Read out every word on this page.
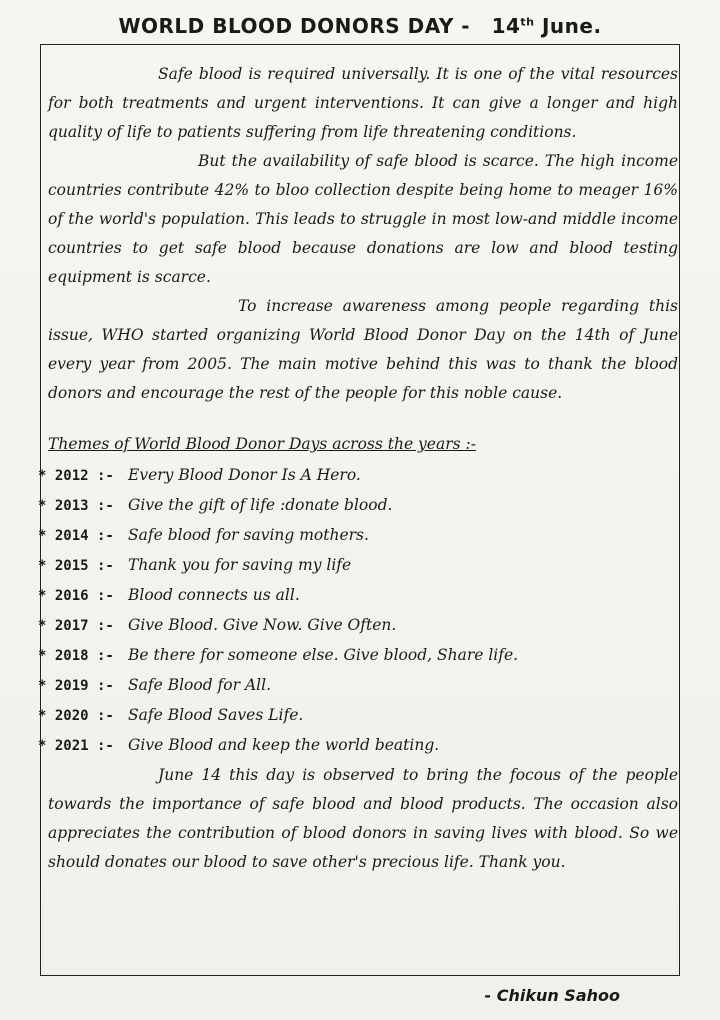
WORLD BLOOD DONORS DAY - 14th June.

Safe blood is required universally. It is one of the vital resources for both treatments and urgent interventions. It can give a longer and high quality of life to patients suffering from life threatening conditions.

But the availability of safe blood is scarce. The high income countries contribute 42% to bloo collection despite being home to meager 16% of the world's population. This leads to struggle in most low-and middle income countries to get safe blood because donations are low and blood testing equipment is scarce.

To increase awareness among people regarding this issue, WHO started organizing World Blood Donor Day on the 14th of June every year from 2005. The main motive behind this was to thank the blood donors and encourage the rest of the people for this noble cause.

Themes of World Blood Donor Days across the years :-
* 2012 :- Every Blood Donor Is A Hero.
* 2013 :- Give the gift of life :donate blood.
* 2014 :- Safe blood for saving mothers.
* 2015 :- Thank you for saving my life
* 2016 :- Blood connects us all.
* 2017 :- Give Blood. Give Now. Give Often.
* 2018 :- Be there for someone else. Give blood, Share life.
* 2019 :- Safe Blood for All.
* 2020 :- Safe Blood Saves Life.
* 2021 :- Give Blood and keep the world beating.

June 14 this day is observed to bring the focous of the people towards the importance of safe blood and blood products. The occasion also appreciates the contribution of blood donors in saving lives with blood. So we should donates our blood to save other's precious life. Thank you.

- Chikun Sahoo
